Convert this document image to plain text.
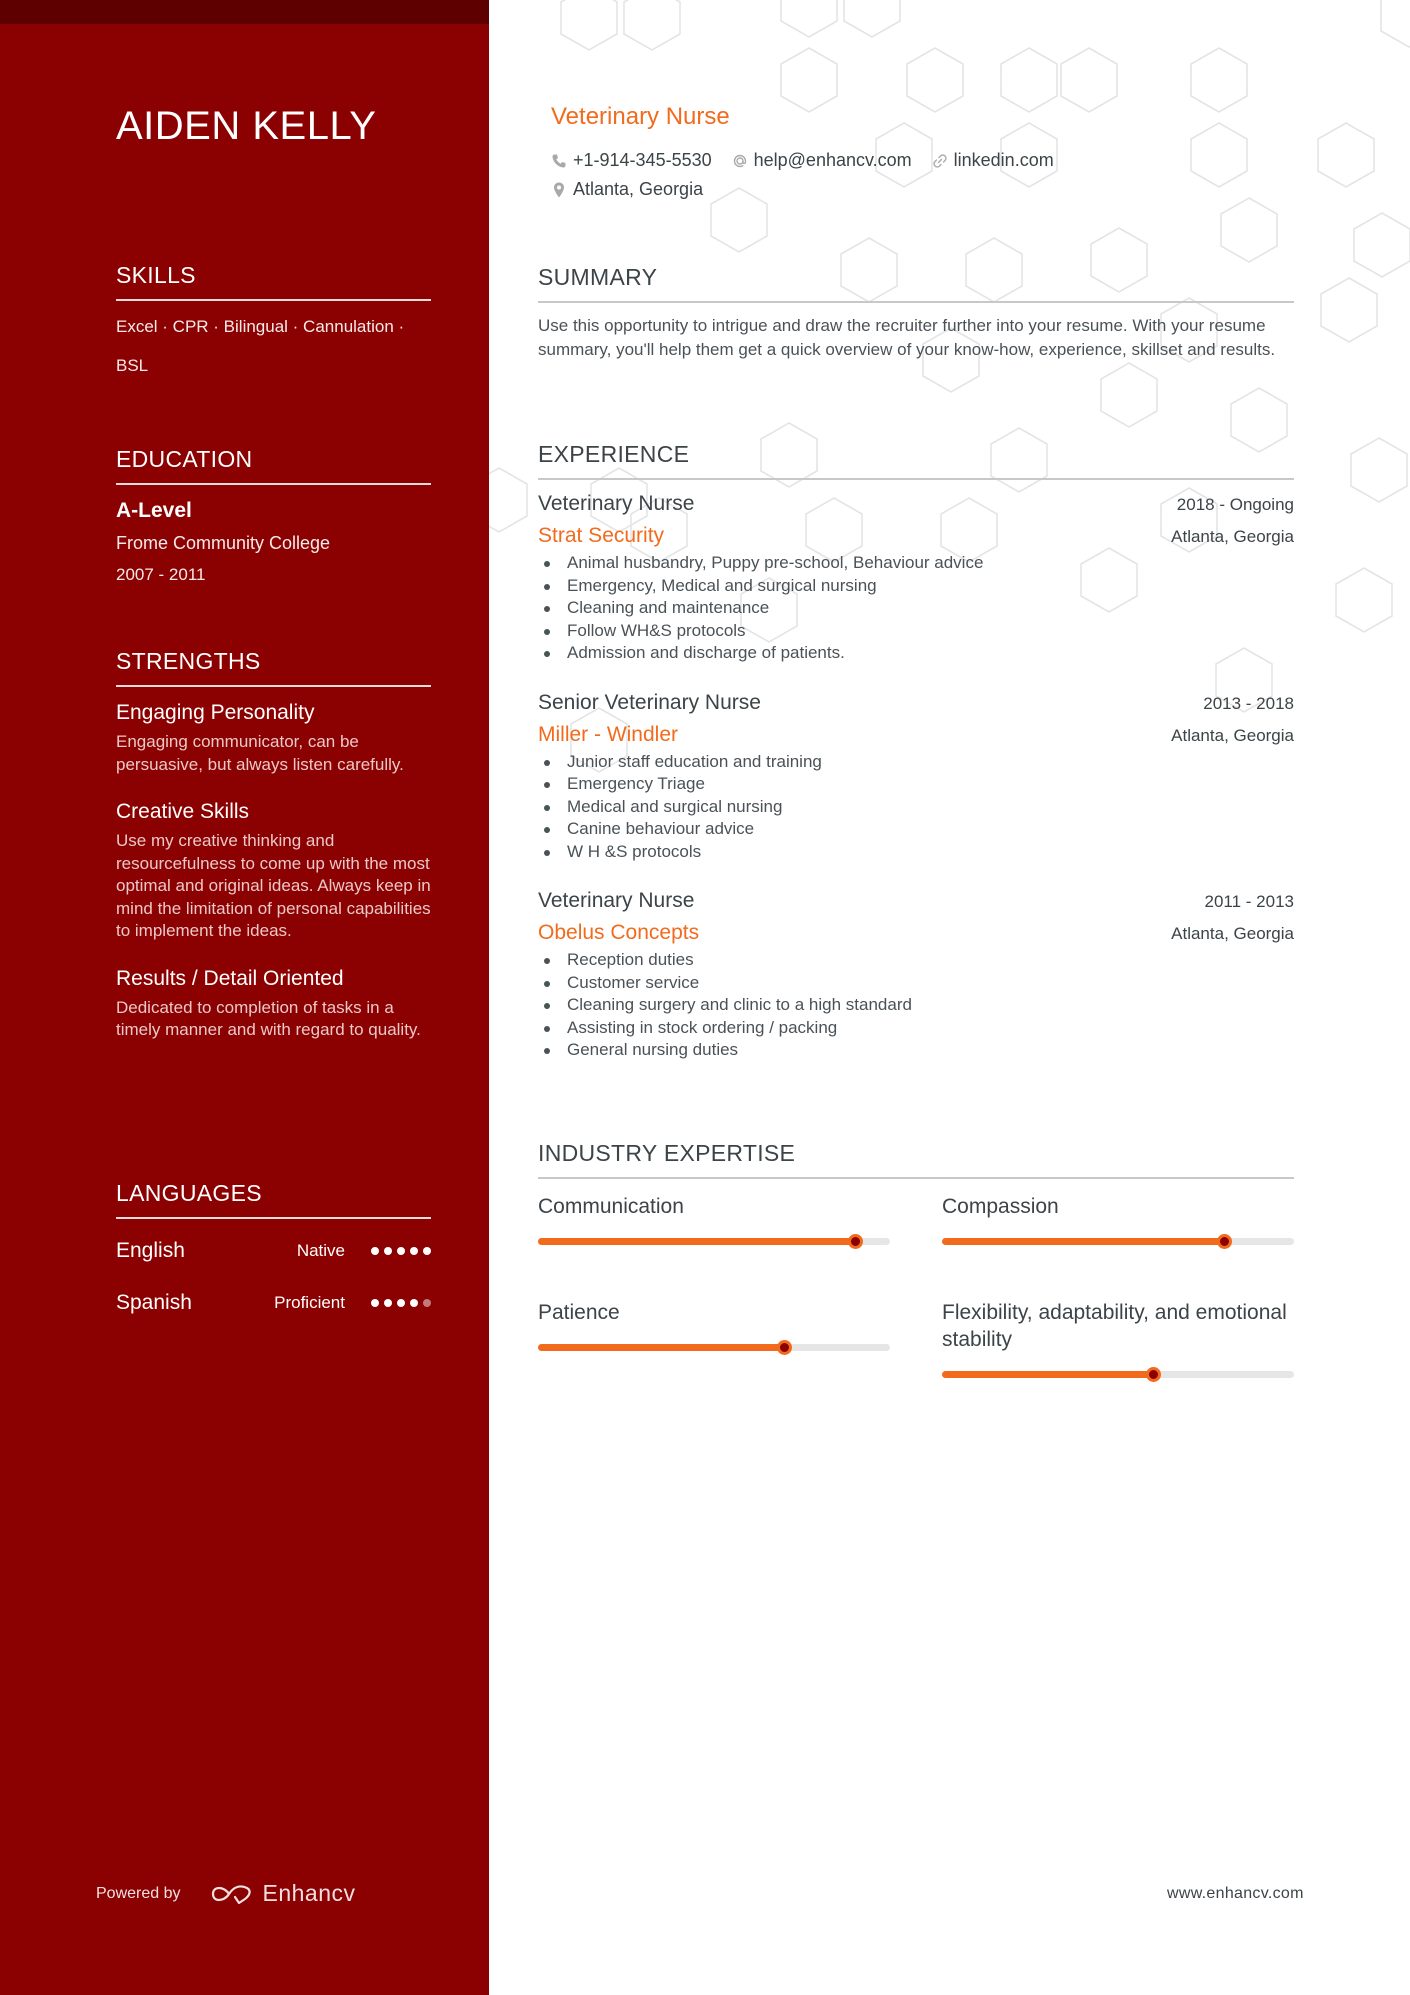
AIDEN KELLY
SKILLS
Excel · CPR · Bilingual · Cannulation ·
BSL
EDUCATION
A-Level
Frome Community College
2007 - 2011
STRENGTHS
Engaging Personality
Engaging communicator, can be persuasive, but always listen carefully.
Creative Skills
Use my creative thinking and resourcefulness to come up with the most optimal and original ideas. Always keep in mind the limitation of personal capabilities to implement the ideas.
Results / Detail Oriented
Dedicated to completion of tasks in a timely manner and with regard to quality.
LANGUAGES
English	Native
Spanish	Proficient
Powered by	Enhancv
Veterinary Nurse
+1-914-345-5530 help@enhancv.com linkedin.com
Atlanta, Georgia
SUMMARY
Use this opportunity to intrigue and draw the recruiter further into your resume. With your resume summary, you'll help them get a quick overview of your know-how, experience, skillset and results.
EXPERIENCE
Veterinary Nurse	2018 - Ongoing
Strat Security	Atlanta, Georgia
Animal husbandry, Puppy pre-school, Behaviour advice
Emergency, Medical and surgical nursing
Cleaning and maintenance
Follow WH&S protocols
Admission and discharge of patients.
Senior Veterinary Nurse	2013 - 2018
Miller - Windler	Atlanta, Georgia
Junior staff education and training
Emergency Triage
Medical and surgical nursing
Canine behaviour advice
W H &S protocols
Veterinary Nurse	2011 - 2013
Obelus Concepts	Atlanta, Georgia
Reception duties
Customer service
Cleaning surgery and clinic to a high standard
Assisting in stock ordering / packing
General nursing duties
INDUSTRY EXPERTISE
Communication	Compassion
Patience	Flexibility, adaptability, and emotional stability
www.enhancv.com
